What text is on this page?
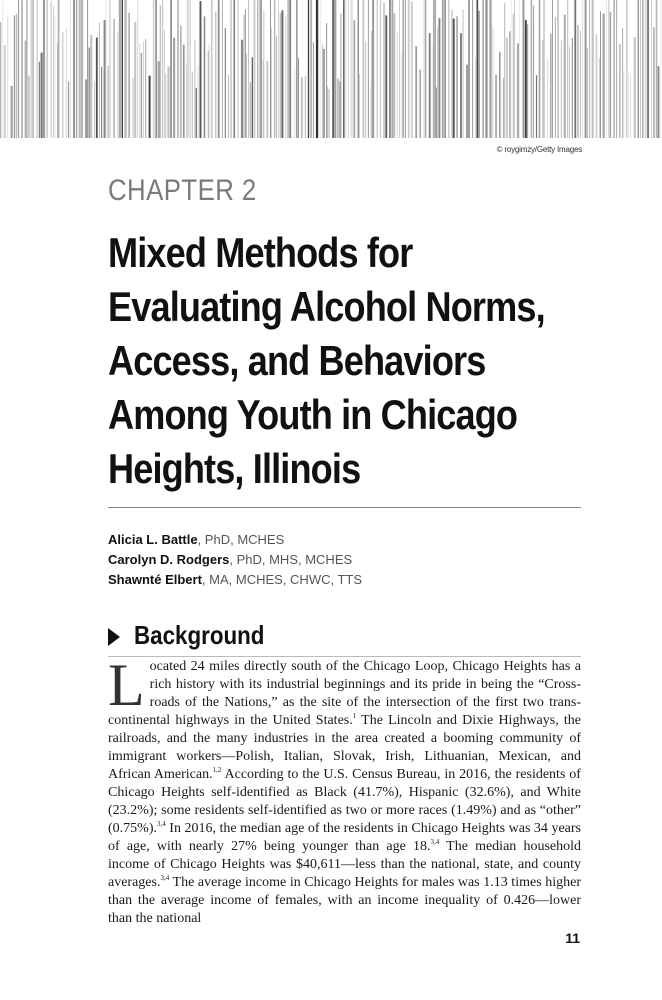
© roygimzy/Getty Images
CHAPTER 2
Mixed Methods for Evaluating Alcohol Norms, Access, and Behaviors Among Youth in Chicago Heights, Illinois
Alicia L. Battle, PhD, MCHES
Carolyn D. Rodgers, PhD, MHS, MCHES
Shawnté Elbert, MA, MCHES, CHWC, TTS
Background

Located 24 miles directly south of the Chicago Loop, Chicago Heights has a rich history with its industrial beginnings and its pride in being the “Crossroads of the Nations,” as the site of the intersection of the first two transcontinental highways in the United States.$^1$ The Lincoln and Dixie Highways, the railroads, and the many industries in the area created a booming community of immigrant workers—Polish, Italian, Slovak, Irish, Lithuanian, Mexican, and African American.$^{1,2}$ According to the U.S. Census Bureau, in 2016, the residents of Chicago Heights self-identified as Black (41.7%), Hispanic (32.6%), and White (23.2%); some residents self-identified as two or more races (1.49%) and as “other” (0.75%).$^{3,4}$ In 2016, the median age of the residents in Chicago Heights was 34 years of age, with nearly 27% being younger than age 18.$^{3,4}$ The median household income of Chicago Heights was $40,611—less than the national, state, and county averages.$^{3,4}$ The average income in Chicago Heights for males was 1.13 times higher than the average income of females, with an income inequality of 0.426—lower than the national

11
